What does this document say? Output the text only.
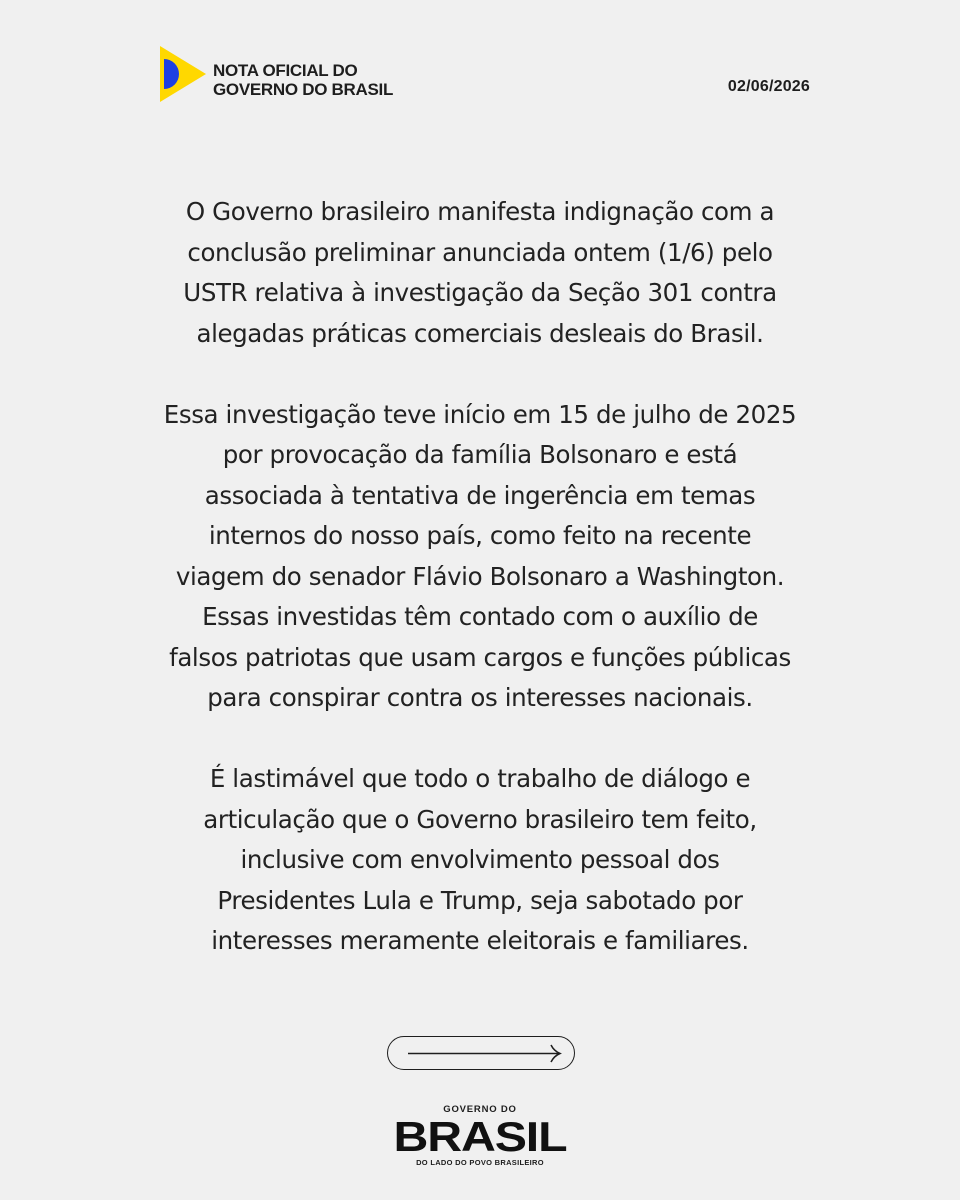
NOTA OFICIAL DO
GOVERNO DO BRASIL	02/06/2026

O Governo brasileiro manifesta indignação com a
conclusão preliminar anunciada ontem (1/6) pelo
USTR relativa à investigação da Seção 301 contra
alegadas práticas comerciais desleais do Brasil.

Essa investigação teve início em 15 de julho de 2025
por provocação da família Bolsonaro e está
associada à tentativa de ingerência em temas
internos do nosso país, como feito na recente
viagem do senador Flávio Bolsonaro a Washington.
Essas investidas têm contado com o auxílio de
falsos patriotas que usam cargos e funções públicas
para conspirar contra os interesses nacionais.

É lastimável que todo o trabalho de diálogo e
articulação que o Governo brasileiro tem feito,
inclusive com envolvimento pessoal dos
Presidentes Lula e Trump, seja sabotado por
interesses meramente eleitorais e familiares.

GOVERNO DO
BRASIL
DO LADO DO POVO BRASILEIRO
